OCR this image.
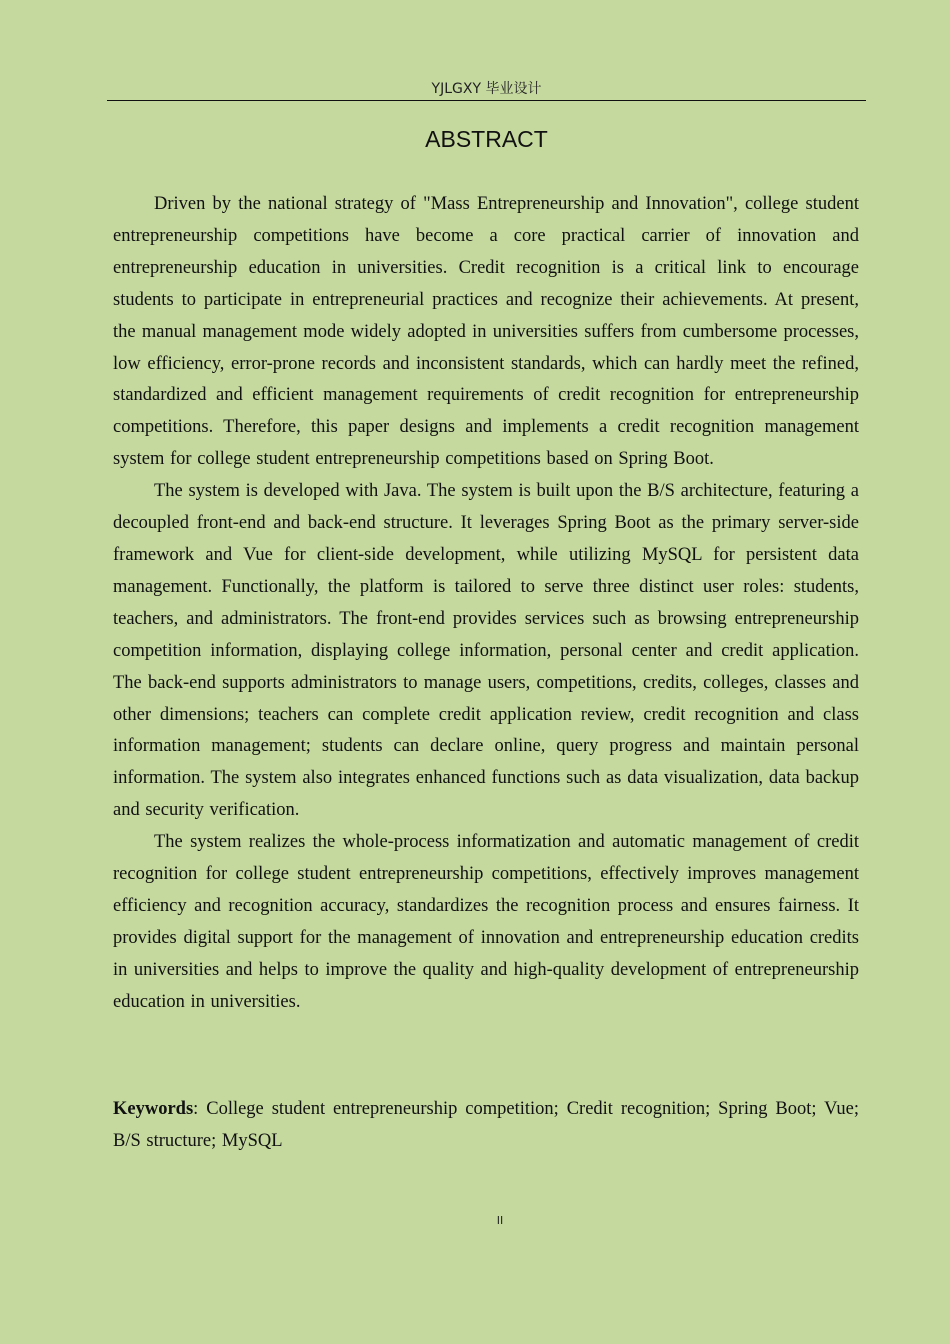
YJLGXY 毕业设计
ABSTRACT

Driven by the national strategy of "Mass Entrepreneurship and Innovation", college student entrepreneurship competitions have become a core practical carrier of innovation and entrepreneurship education in universities. Credit recognition is a critical link to encourage students to participate in entrepreneurial practices and recognize their achievements. At present, the manual management mode widely adopted in universities suffers from cumbersome processes, low efficiency, error-prone records and inconsistent standards, which can hardly meet the refined, standardized and efficient management requirements of credit recognition for entrepreneurship competitions. Therefore, this paper designs and implements a credit recognition management system for college student entrepreneurship competitions based on Spring Boot.

The system is developed with Java. The system is built upon the B/S architecture, featuring a decoupled front-end and back-end structure. It leverages Spring Boot as the primary server-side framework and Vue for client-side development, while utilizing MySQL for persistent data management. Functionally, the platform is tailored to serve three distinct user roles: students, teachers, and administrators. The front-end provides services such as browsing entrepreneurship competition information, displaying college information, personal center and credit application. The back-end supports administrators to manage users, competitions, credits, colleges, classes and other dimensions; teachers can complete credit application review, credit recognition and class information management; students can declare online, query progress and maintain personal information. The system also integrates enhanced functions such as data visualization, data backup and security verification.

The system realizes the whole-process informatization and automatic management of credit recognition for college student entrepreneurship competitions, effectively improves management efficiency and recognition accuracy, standardizes the recognition process and ensures fairness. It provides digital support for the management of innovation and entrepreneurship education credits in universities and helps to improve the quality and high-quality development of entrepreneurship education in universities.

Keywords: College student entrepreneurship competition; Credit recognition; Spring Boot; Vue; B/S structure; MySQL

II
